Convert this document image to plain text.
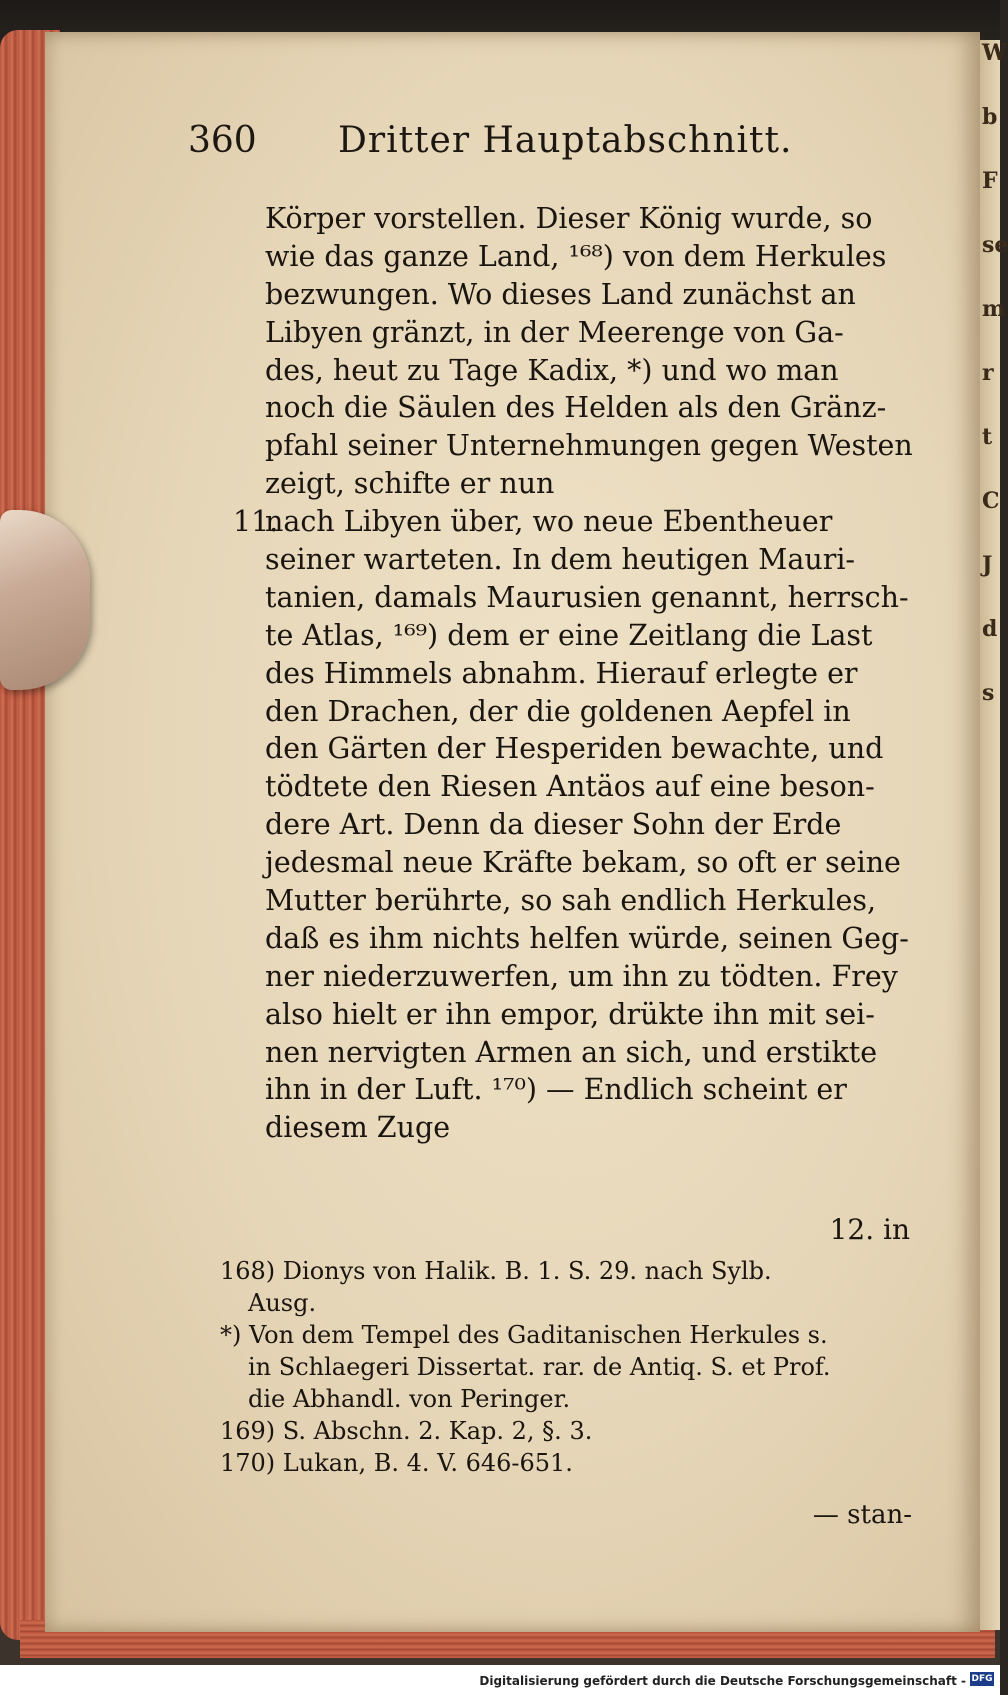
W
b
F
se
m
r
t
C
J
d
s
360 Dritter Hauptabschnitt.
Körper vorstellen. Dieser König wurde, so
wie das ganze Land, ¹⁶⁸) von dem Herkules
bezwungen. Wo dieses Land zunächst an
Libyen gränzt, in der Meerenge von Ga-
des, heut zu Tage Kadix, *) und wo man
noch die Säulen des Helden als den Gränz-
pfahl seiner Unternehmungen gegen Westen
zeigt, schifte er nun
11.
nach Libyen über, wo neue Ebentheuer
seiner warteten. In dem heutigen Mauri-
tanien, damals Maurusien genannt, herrsch-
te Atlas, ¹⁶⁹) dem er eine Zeitlang die Last
des Himmels abnahm. Hierauf erlegte er
den Drachen, der die goldenen Aepfel in
den Gärten der Hesperiden bewachte, und
tödtete den Riesen Antäos auf eine beson-
dere Art. Denn da dieser Sohn der Erde
jedesmal neue Kräfte bekam, so oft er seine
Mutter berührte, so sah endlich Herkules,
daß es ihm nichts helfen würde, seinen Geg-
ner niederzuwerfen, um ihn zu tödten. Frey
also hielt er ihn empor, drükte ihn mit sei-
nen nervigten Armen an sich, und erstikte
ihn in der Luft. ¹⁷⁰) — Endlich scheint er
diesem Zuge
12. in
168) Dionys von Halik. B. 1. S. 29. nach Sylb.
Ausg.
*) Von dem Tempel des Gaditanischen Herkules s.
in Schlaegeri Dissertat. rar. de Antiq. S. et Prof.
die Abhandl. von Peringer.
169) S. Abschn. 2. Kap. 2, §. 3.
170) Lukan, B. 4. V. 646-651.
— stan-
Digitalisierung gefördert durch die Deutsche Forschungsgemeinschaft - DFG
